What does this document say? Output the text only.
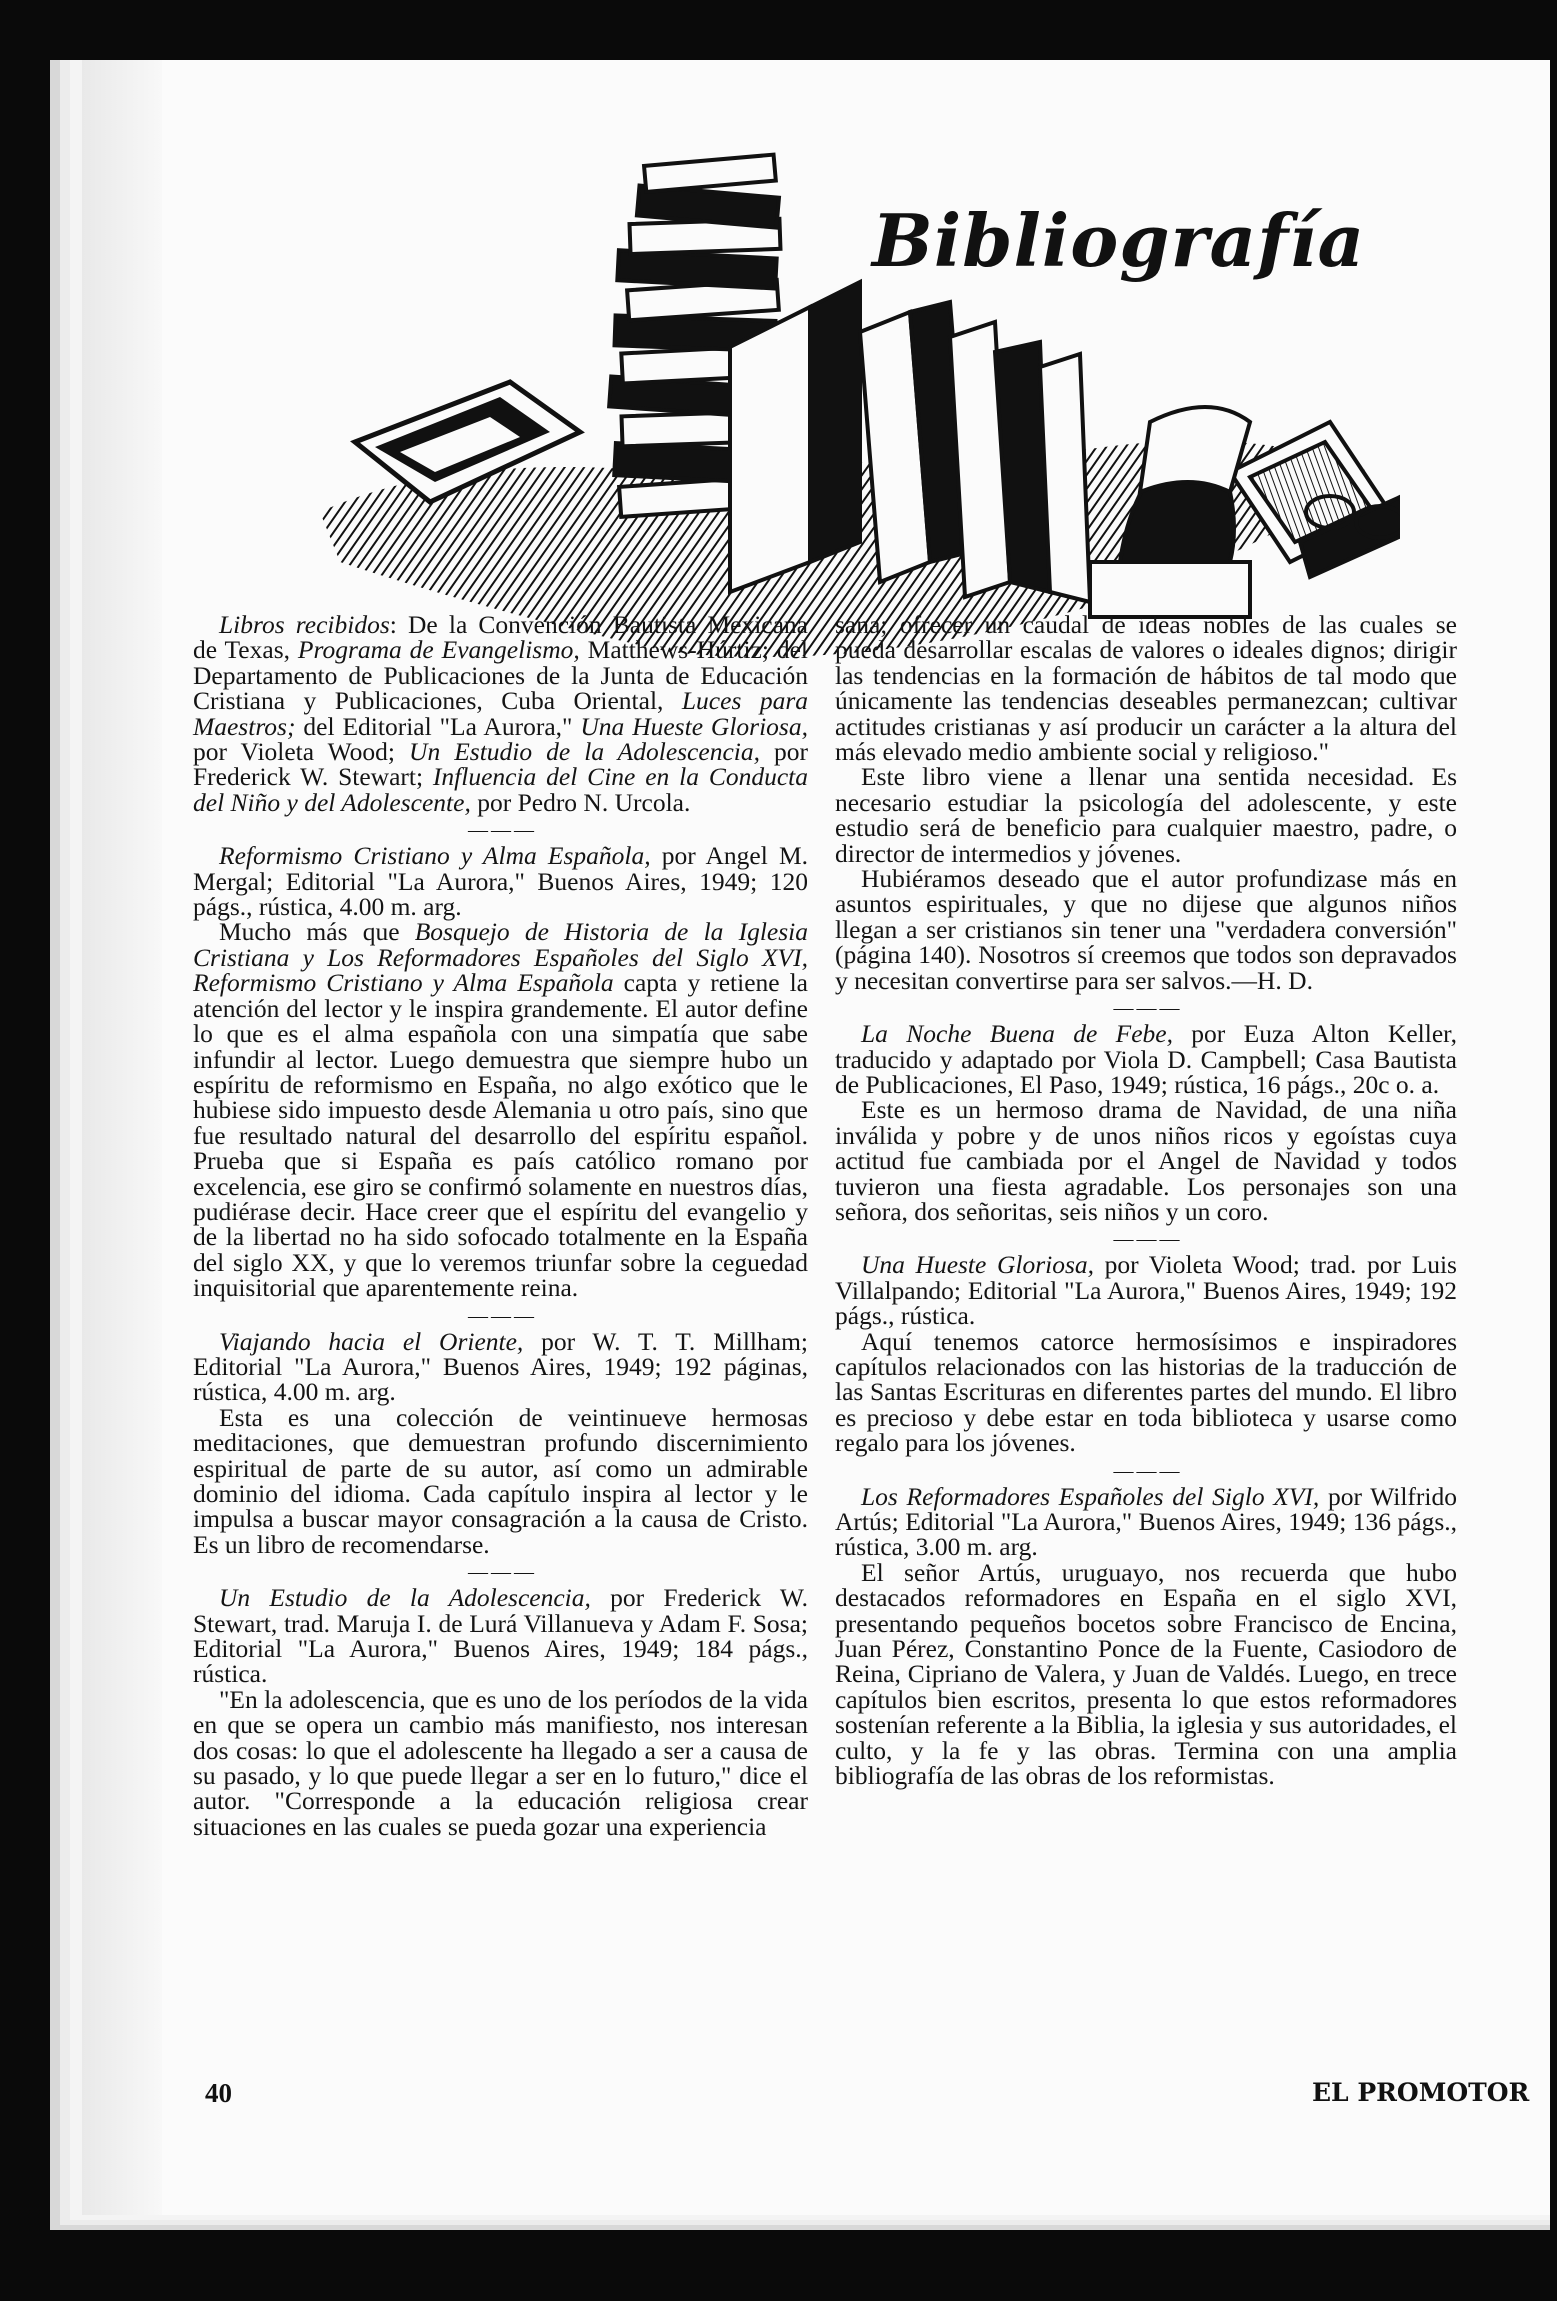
Bibliografía

Libros recibidos: De la Convención Bautista Mexicana de Texas, Programa de Evangelismo, Matthews-Húrtiz; del Departamento de Publicaciones de la Junta de Educación Cristiana y Publicaciones, Cuba Oriental, Luces para Maestros; del Editorial "La Aurora," Una Hueste Gloriosa, por Violeta Wood; Un Estudio de la Adolescencia, por Frederick W. Stewart; Influencia del Cine en la Conducta del Niño y del Adolescente, por Pedro N. Urcola.

— — —

Reformismo Cristiano y Alma Española, por Angel M. Mergal; Editorial "La Aurora," Buenos Aires, 1949; 120 págs., rústica, 4.00 m. arg.

Mucho más que Bosquejo de Historia de la Iglesia Cristiana y Los Reformadores Españoles del Siglo XVI, Reformismo Cristiano y Alma Española capta y retiene la atención del lector y le inspira grandemente. El autor define lo que es el alma española con una simpatía que sabe infundir al lector. Luego demuestra que siempre hubo un espíritu de reformismo en España, no algo exótico que le hubiese sido impuesto desde Alemania u otro país, sino que fue resultado natural del desarrollo del espíritu español. Prueba que si España es país católico romano por excelencia, ese giro se confirmó solamente en nuestros días, pudiérase decir. Hace creer que el espíritu del evangelio y de la libertad no ha sido sofocado totalmente en la España del siglo XX, y que lo veremos triunfar sobre la ceguedad inquisitorial que aparentemente reina.

— — —

Viajando hacia el Oriente, por W. T. T. Millham; Editorial "La Aurora," Buenos Aires, 1949; 192 páginas, rústica, 4.00 m. arg.

Esta es una colección de veintinueve hermosas meditaciones, que demuestran profundo discernimiento espiritual de parte de su autor, así como un admirable dominio del idioma. Cada capítulo inspira al lector y le impulsa a buscar mayor consagración a la causa de Cristo. Es un libro de recomendarse.

— — —

Un Estudio de la Adolescencia, por Frederick W. Stewart, trad. Maruja I. de Lurá Villanueva y Adam F. Sosa; Editorial "La Aurora," Buenos Aires, 1949; 184 págs., rústica.

"En la adolescencia, que es uno de los períodos de la vida en que se opera un cambio más manifiesto, nos interesan dos cosas: lo que el adolescente ha llegado a ser a causa de su pasado, y lo que puede llegar a ser en lo futuro," dice el autor. "Corresponde a la educación religiosa crear situaciones en las cuales se pueda gozar una experiencia

sana; ofrecer un caudal de ideas nobles de las cuales se pueda desarrollar escalas de valores o ideales dignos; dirigir las tendencias en la formación de hábitos de tal modo que únicamente las tendencias deseables permanezcan; cultivar actitudes cristianas y así producir un carácter a la altura del más elevado medio ambiente social y religioso."

Este libro viene a llenar una sentida necesidad. Es necesario estudiar la psicología del adolescente, y este estudio será de beneficio para cualquier maestro, padre, o director de intermedios y jóvenes.

Hubiéramos deseado que el autor profundizase más en asuntos espirituales, y que no dijese que algunos niños llegan a ser cristianos sin tener una "verdadera conversión" (página 140). Nosotros sí creemos que todos son depravados y necesitan convertirse para ser salvos.—H. D.

— — —

La Noche Buena de Febe, por Euza Alton Keller, traducido y adaptado por Viola D. Campbell; Casa Bautista de Publicaciones, El Paso, 1949; rústica, 16 págs., 20c o. a.

Este es un hermoso drama de Navidad, de una niña inválida y pobre y de unos niños ricos y egoístas cuya actitud fue cambiada por el Angel de Navidad y todos tuvieron una fiesta agradable. Los personajes son una señora, dos señoritas, seis niños y un coro.

— — —

Una Hueste Gloriosa, por Violeta Wood; trad. por Luis Villalpando; Editorial "La Aurora," Buenos Aires, 1949; 192 págs., rústica.

Aquí tenemos catorce hermosísimos e inspiradores capítulos relacionados con las historias de la traducción de las Santas Escrituras en diferentes partes del mundo. El libro es precioso y debe estar en toda biblioteca y usarse como regalo para los jóvenes.

— — —

Los Reformadores Españoles del Siglo XVI, por Wilfrido Artús; Editorial "La Aurora," Buenos Aires, 1949; 136 págs., rústica, 3.00 m. arg.

El señor Artús, uruguayo, nos recuerda que hubo destacados reformadores en España en el siglo XVI, presentando pequeños bocetos sobre Francisco de Encina, Juan Pérez, Constantino Ponce de la Fuente, Casiodoro de Reina, Cipriano de Valera, y Juan de Valdés. Luego, en trece capítulos bien escritos, presenta lo que estos reformadores sostenían referente a la Biblia, la iglesia y sus autoridades, el culto, y la fe y las obras. Termina con una amplia bibliografía de las obras de los reformistas.

40	EL PROMOTOR
